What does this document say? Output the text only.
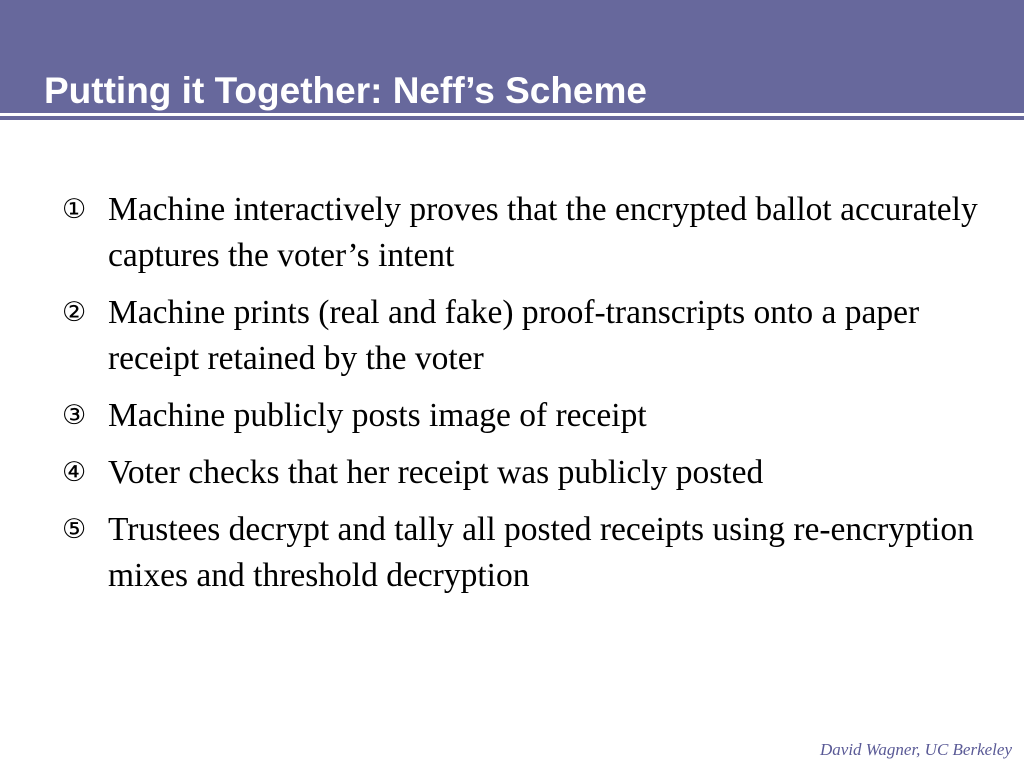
Putting it Together: Neff’s Scheme
① Machine interactively proves that the encrypted ballot accurately captures the voter’s intent
② Machine prints (real and fake) proof-transcripts onto a paper receipt retained by the voter
③ Machine publicly posts image of receipt
④ Voter checks that her receipt was publicly posted
⑤ Trustees decrypt and tally all posted receipts using re-encryption mixes and threshold decryption
David Wagner, UC Berkeley
